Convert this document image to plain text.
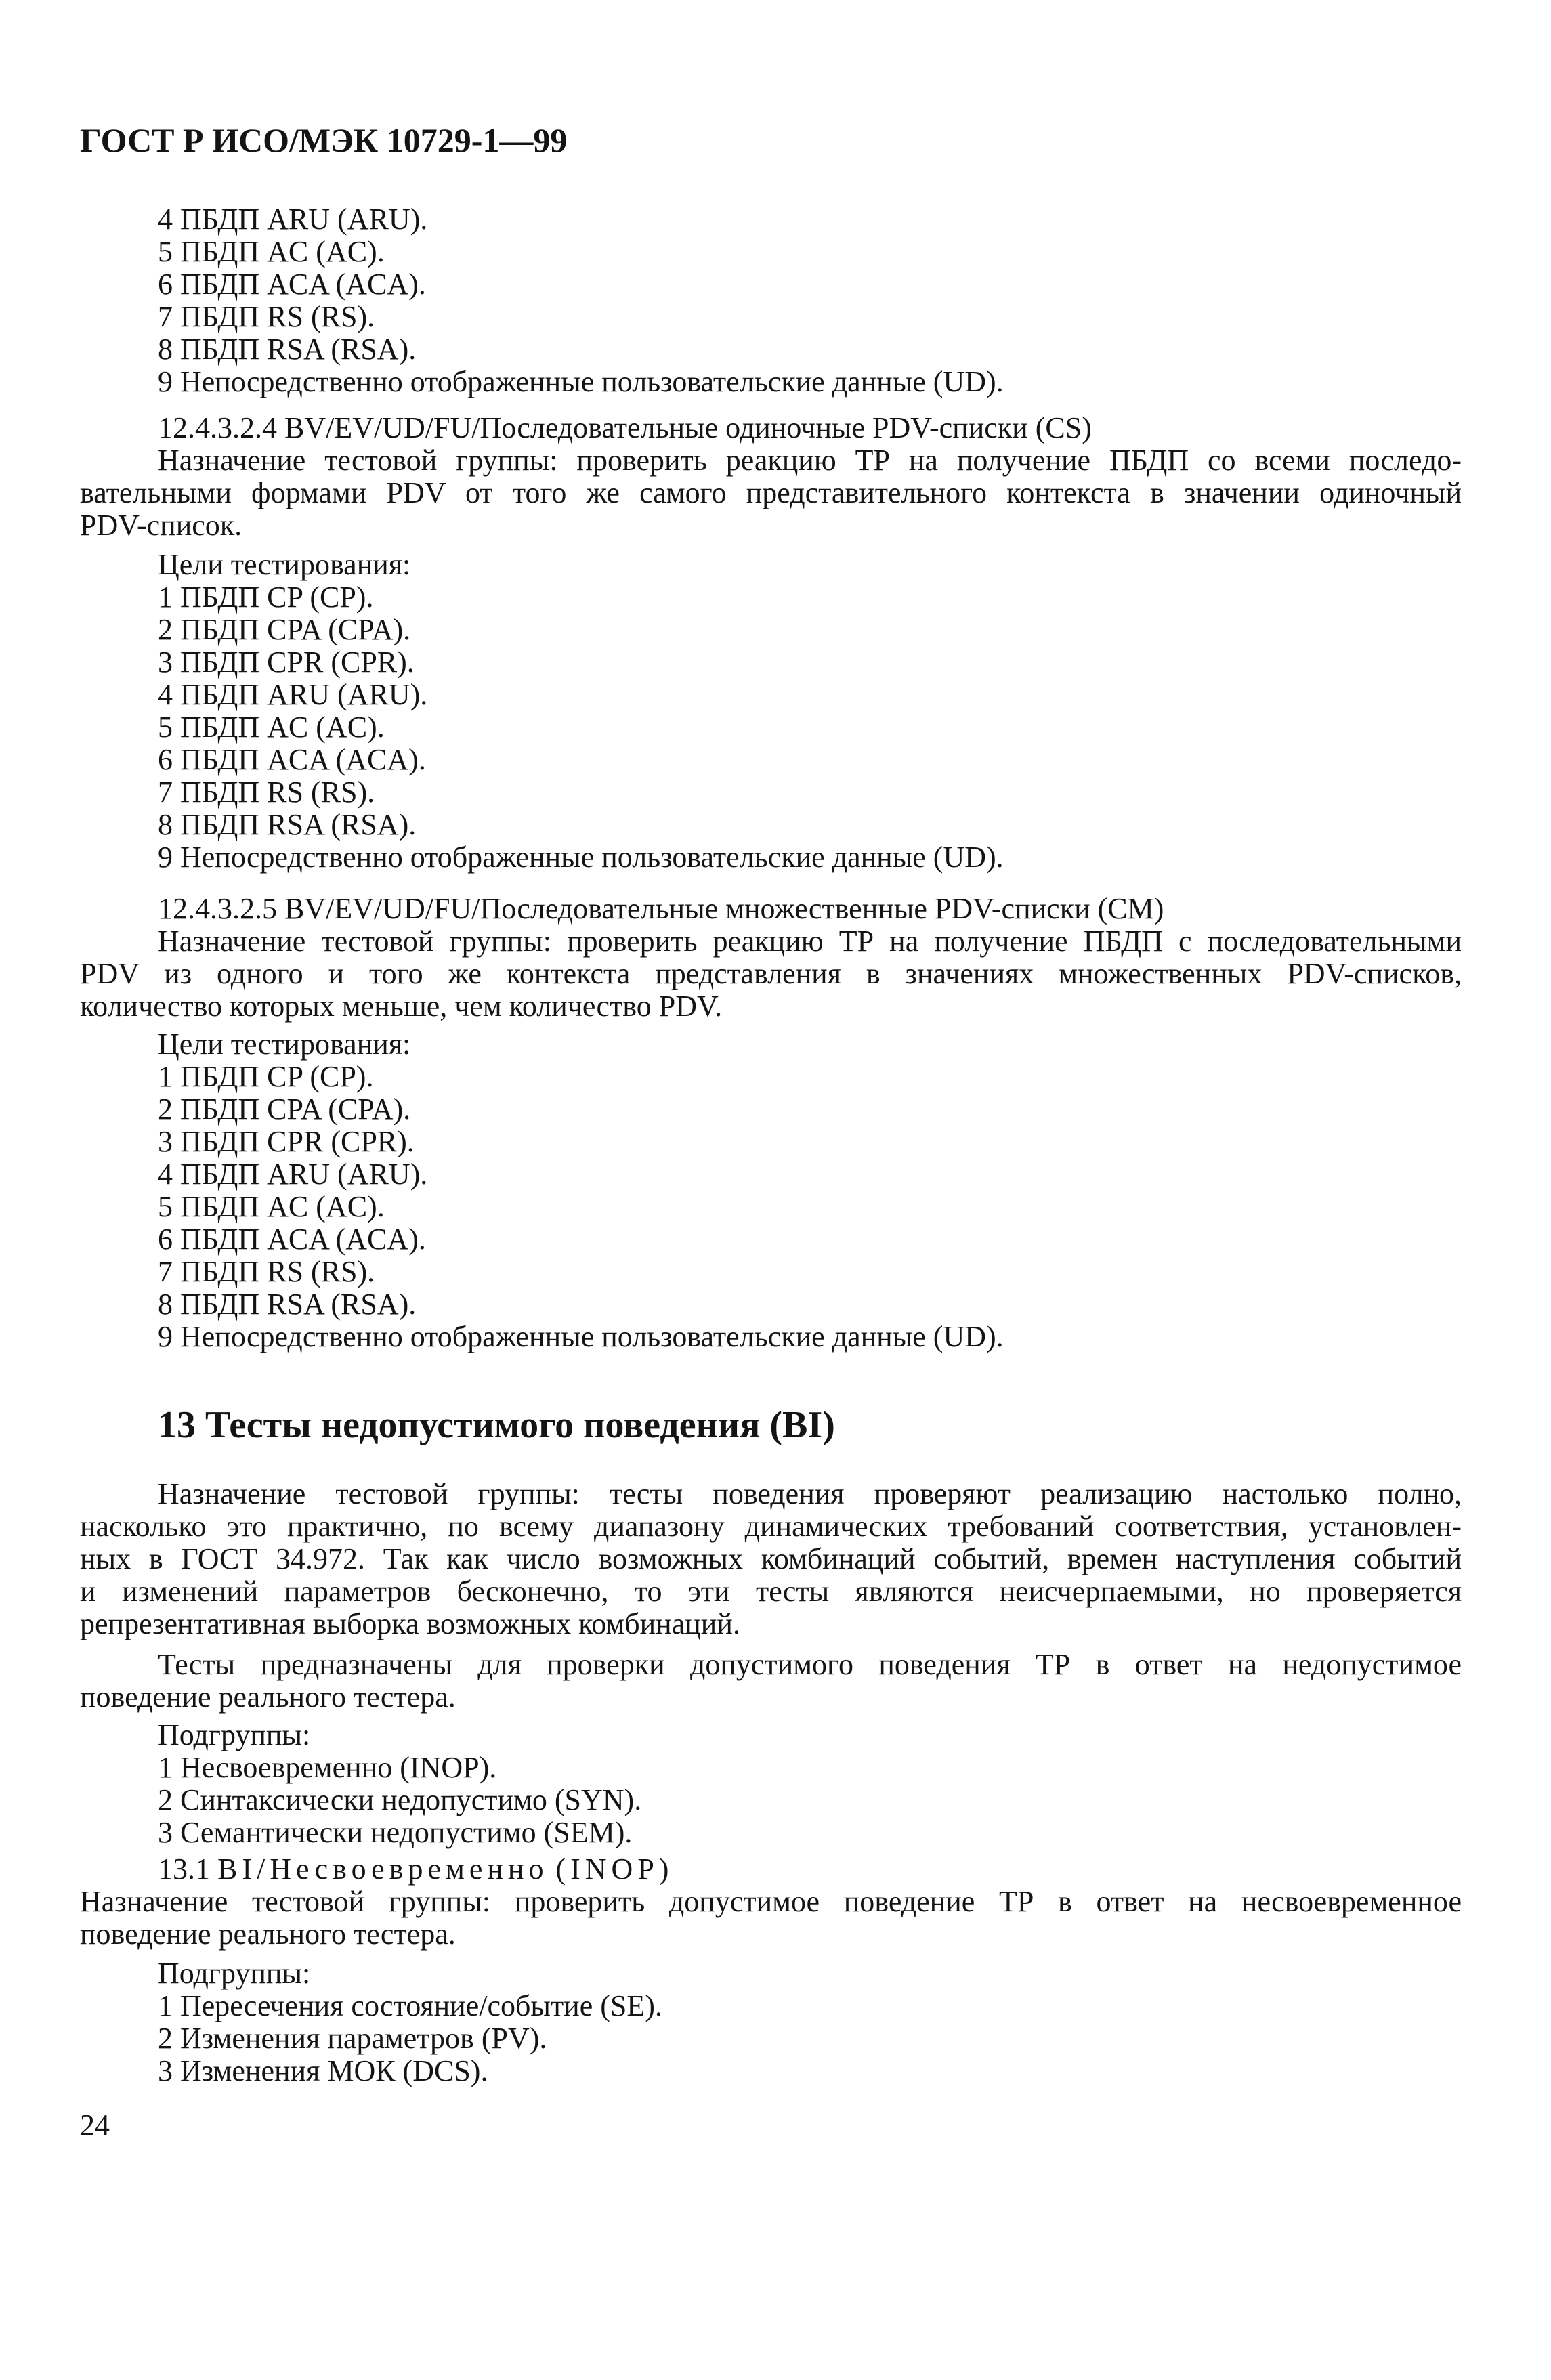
ГОСТ Р ИСО/МЭК 10729-1—99
4 ПБДП ARU (ARU).
5 ПБДП AC (AC).
6 ПБДП ACA (ACA).
7 ПБДП RS (RS).
8 ПБДП RSA (RSA).
9 Непосредственно отображенные пользовательские данные (UD).
12.4.3.2.4 BV/EV/UD/FU/Последовательные одиночные PDV-списки (CS)
Назначение тестовой группы: проверить реакцию ТР на получение ПБДП со всеми последо-
вательными формами PDV от того же самого представительного контекста в значении одиночный
PDV-список.
Цели тестирования:
1 ПБДП CP (CP).
2 ПБДП CPA (CPA).
3 ПБДП CPR (CPR).
4 ПБДП ARU (ARU).
5 ПБДП AC (AC).
6 ПБДП ACA (ACA).
7 ПБДП RS (RS).
8 ПБДП RSA (RSA).
9 Непосредственно отображенные пользовательские данные (UD).
12.4.3.2.5 BV/EV/UD/FU/Последовательные множественные PDV-списки (CM)
Назначение тестовой группы: проверить реакцию ТР на получение ПБДП с последовательными
PDV из одного и того же контекста представления в значениях множественных PDV-списков,
количество которых меньше, чем количество PDV.
Цели тестирования:
1 ПБДП CP (CP).
2 ПБДП CPA (CPA).
3 ПБДП CPR (CPR).
4 ПБДП ARU (ARU).
5 ПБДП AC (AC).
6 ПБДП ACA (ACA).
7 ПБДП RS (RS).
8 ПБДП RSA (RSA).
9 Непосредственно отображенные пользовательские данные (UD).
13 Тесты недопустимого поведения (BI)
Назначение тестовой группы: тесты поведения проверяют реализацию настолько полно,
насколько это практично, по всему диапазону динамических требований соответствия, установлен-
ных в ГОСТ 34.972. Так как число возможных комбинаций событий, времен наступления событий
и изменений параметров бесконечно, то эти тесты являются неисчерпаемыми, но проверяется
репрезентативная выборка возможных комбинаций.
Тесты предназначены для проверки допустимого поведения ТР в ответ на недопустимое
поведение реального тестера.
Подгруппы:
1 Несвоевременно (INOP).
2 Синтаксически недопустимо (SYN).
3 Семантически недопустимо (SEM).
13.1 BI/Несвоевременно (INOP)
Назначение тестовой группы: проверить допустимое поведение ТР в ответ на несвоевременное
поведение реального тестера.
Подгруппы:
1 Пересечения состояние/событие (SE).
2 Изменения параметров (PV).
3 Изменения МОК (DCS).
24
